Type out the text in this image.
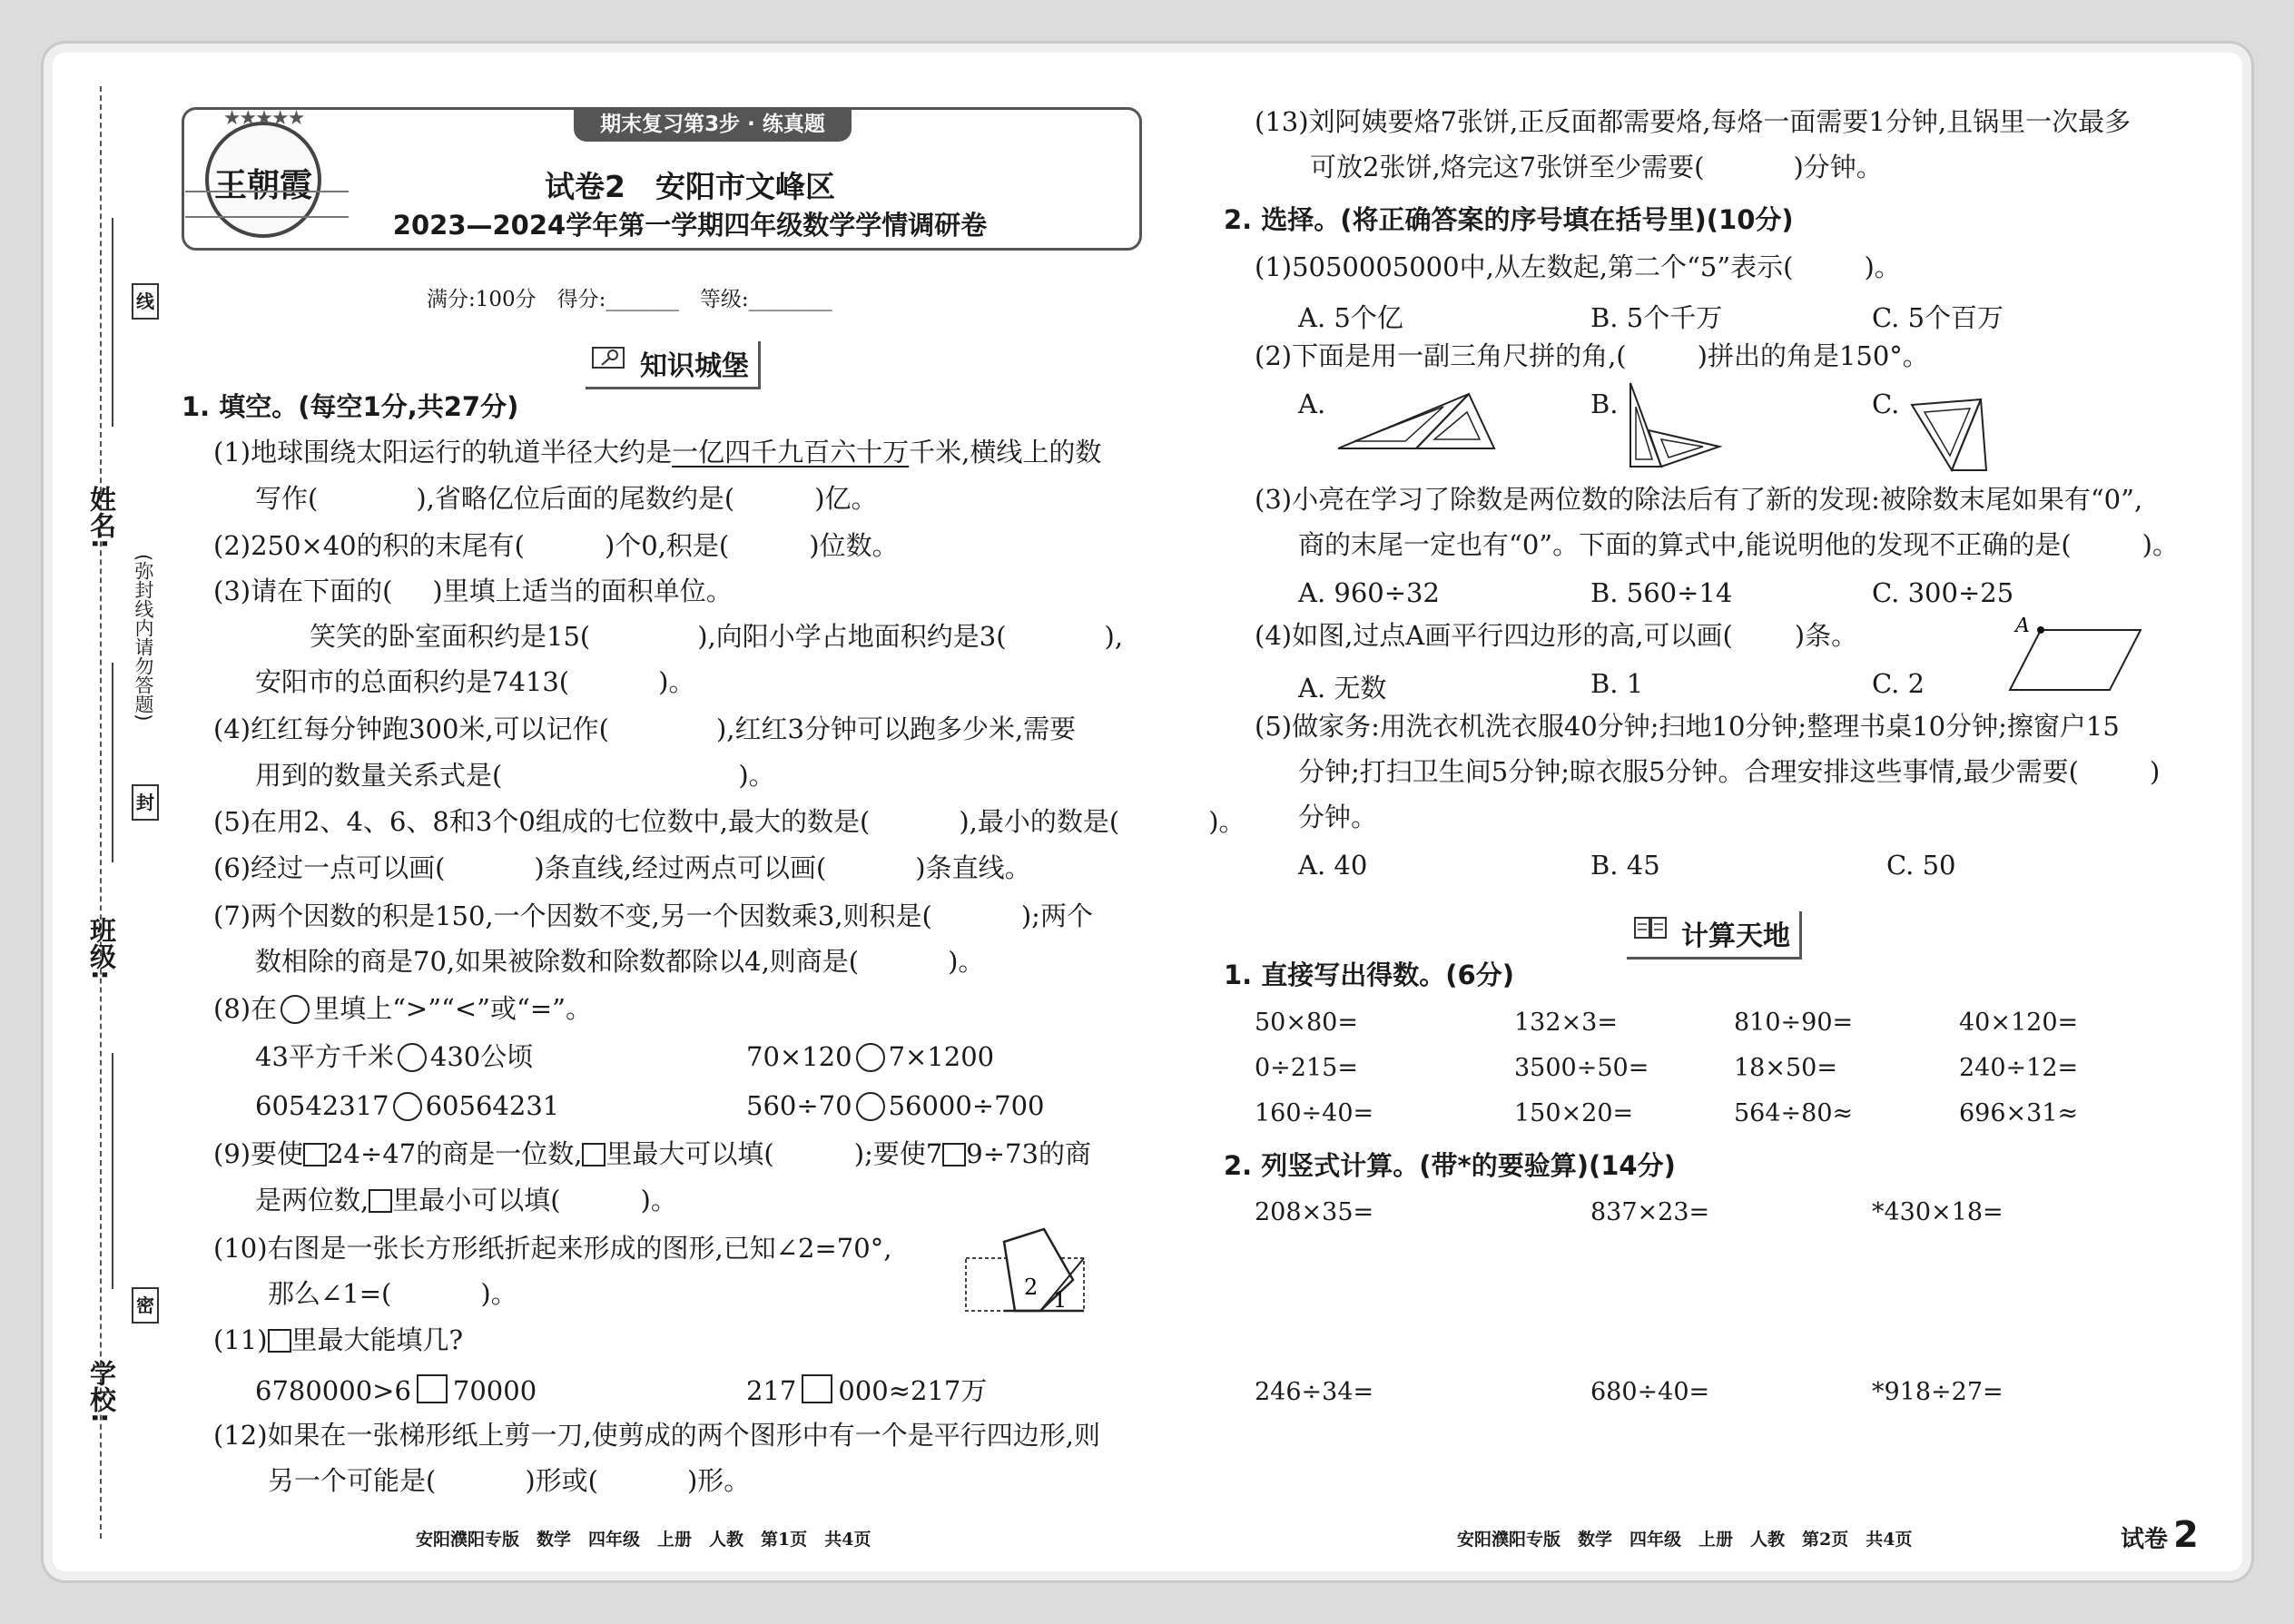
线
姓名:
(弥封线内请勿答题)
封
班级:
密
学校:
期末复习第3步 · 练真题
★★★★★
王朝霞	试卷2　安阳市文峰区
2023—2024学年第一学期四年级数学学情调研卷
满分:100分　得分:_______　等级:________
知识城堡
1. 填空。(每空1分,共27分)
(1)地球围绕太阳运行的轨道半径大约是一亿四千九百六十万千米,横线上的数
写作(	),省略亿位后面的尾数约是(	)亿。
(2)250×40的积的末尾有(	)个0,积是(	)位数。
(3)请在下面的( )里填上适当的面积单位。
笑笑的卧室面积约是15(	),向阳小学占地面积约是3(	),
安阳市的总面积约是7413(	)。
(4)红红每分钟跑300米,可以记作(	),红红3分钟可以跑多少米,需要
用到的数量关系式是(	)。
(5)在用2、4、6、8和3个0组成的七位数中,最大的数是(	),最小的数是(	)。
(6)经过一点可以画(	)条直线,经过两点可以画(	)条直线。
(7)两个因数的积是150,一个因数不变,另一个因数乘3,则积是(	);两个
数相除的商是70,如果被除数和除数都除以4,则商是(	)。
(8)在 里填上“>”“<”或“=”。
43平方千米 430公顷	70×120 7×1200
60542317 60564231	560÷70 56000÷700
(9)要使 24÷47的商是一位数, 里最大可以填(	);要使7 9÷73的商
是两位数, 里最小可以填(	)。
(10)右图是一张长方形纸折起来形成的图形,已知∠2=70°,
那么∠1=(	)。	2 1
(11) 里最大能填几?
6780000>6 70000	217 000≈217万
(12)如果在一张梯形纸上剪一刀,使剪成的两个图形中有一个是平行四边形,则
另一个可能是(	)形或(	)形。
安阳濮阳专版　数学　四年级　上册　人教　第1页　共4页
(13)刘阿姨要烙7张饼,正反面都需要烙,每烙一面需要1分钟,且锅里一次最多
可放2张饼,烙完这7张饼至少需要(	)分钟。
2. 选择。(将正确答案的序号填在括号里)(10分)
(1)5050005000中,从左数起,第二个“5”表示(	)。
A. 5个亿	B. 5个千万	C. 5个百万
(2)下面是用一副三角尺拼的角,(	)拼出的角是150°。
A.	B.	C.
(3)小亮在学习了除数是两位数的除法后有了新的发现:被除数末尾如果有“0”,
商的末尾一定也有“0”。下面的算式中,能说明他的发现不正确的是(	)。
A. 960÷32	B. 560÷14	C. 300÷25
(4)如图,过点A画平行四边形的高,可以画( )条。	A
A. 无数	B. 1	C. 2
(5)做家务:用洗衣机洗衣服40分钟;扫地10分钟;整理书桌10分钟;擦窗户15
分钟;打扫卫生间5分钟;晾衣服5分钟。合理安排这些事情,最少需要(	)
分钟。
A. 40	B. 45	C. 50
计算天地
1. 直接写出得数。(6分)
50×80=	132×3=	810÷90=	40×120=
0÷215=	3500÷50=	18×50=	240÷12=
160÷40=	150×20=	564÷80≈	696×31≈
2. 列竖式计算。(带*的要验算)(14分)
208×35=	837×23=	*430×18=
246÷34=	680÷40=	*918÷27=
安阳濮阳专版　数学　四年级　上册　人教　第2页　共4页	试卷 2
